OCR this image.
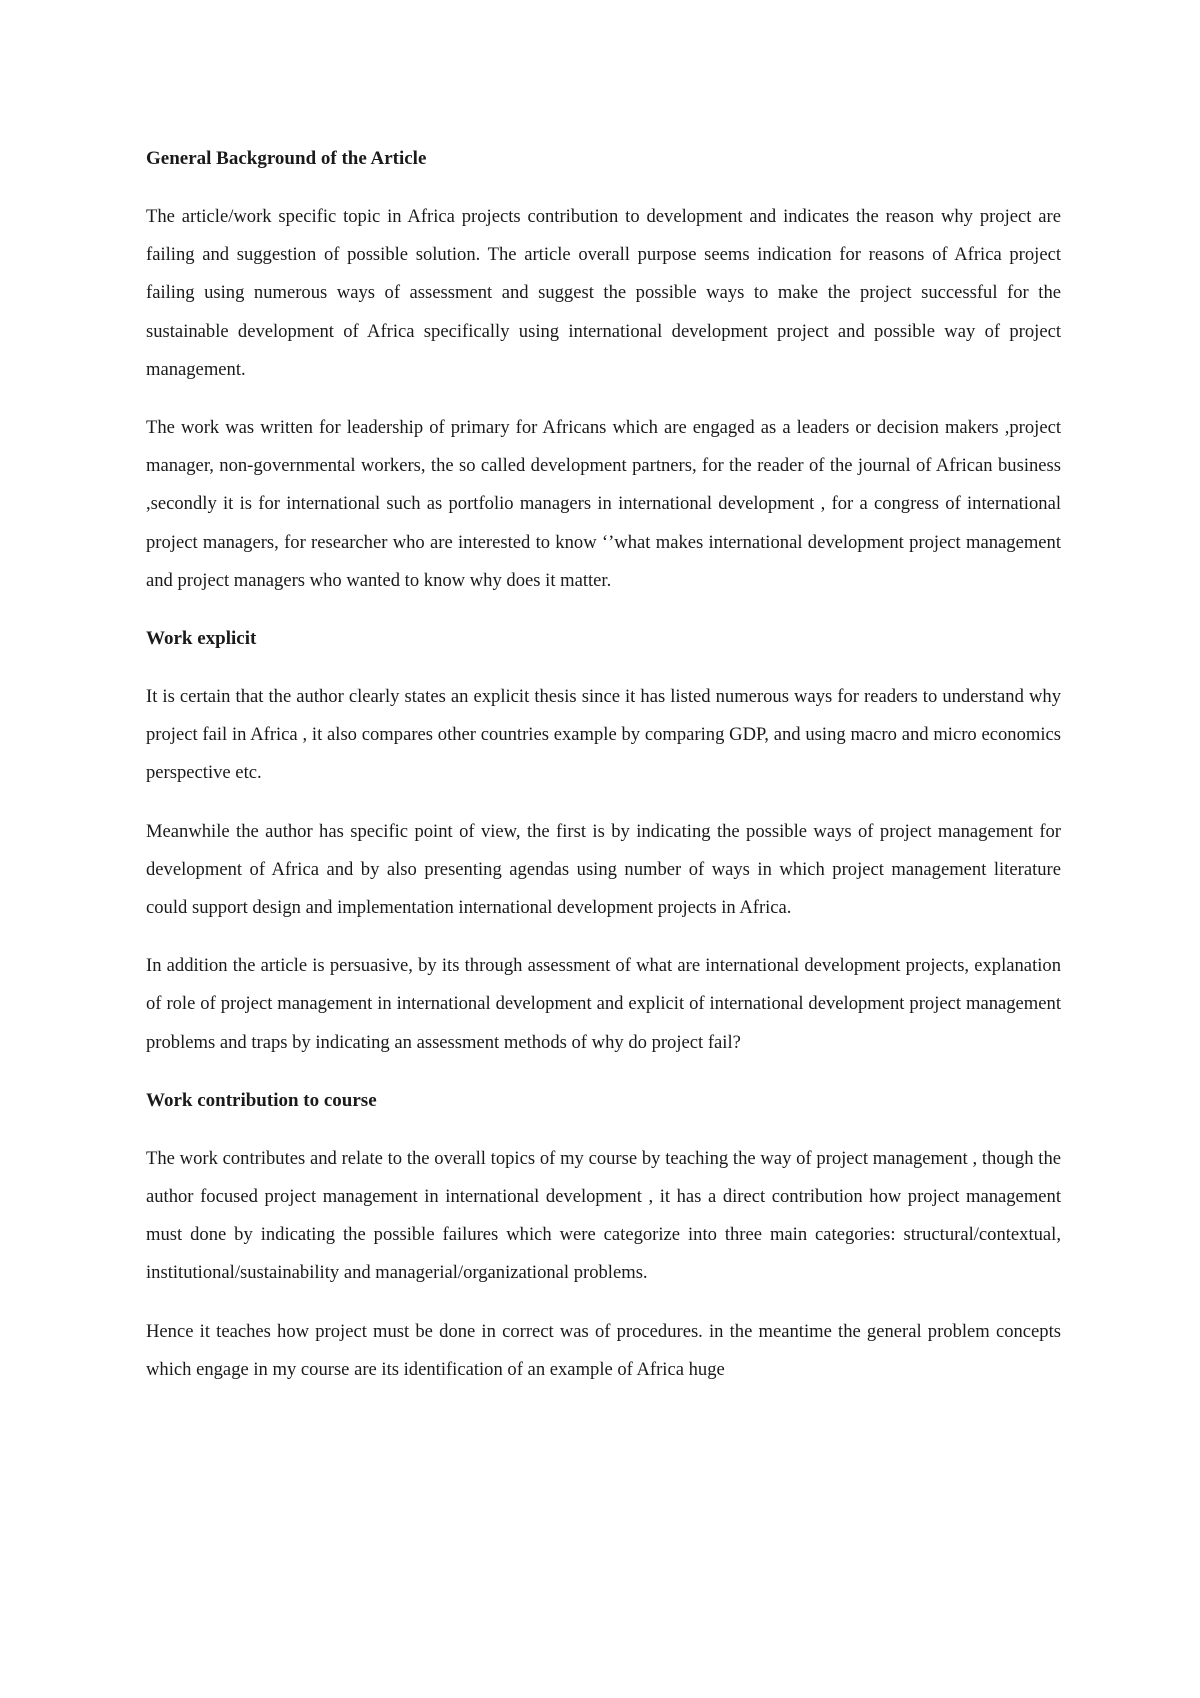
General Background of the Article

The article/work specific topic in Africa projects contribution to development and indicates the reason why project are failing and suggestion of possible solution. The article overall purpose seems indication for reasons of Africa project failing using numerous ways of assessment and suggest the possible ways to make the project successful for the sustainable development of Africa specifically using international development project and possible way of project management.

The work was written for leadership of primary for Africans which are engaged as a leaders or decision makers ,project manager, non-governmental workers, the so called development partners, for the reader of the journal of African business ,secondly it is for international such as portfolio managers in international development , for a congress of international project managers, for researcher who are interested to know ‘’what makes international development project management and project managers who wanted to know why does it matter.

Work explicit

It is certain that the author clearly states an explicit thesis since it has listed numerous ways for readers to understand why project fail in Africa , it also compares other countries example by comparing GDP, and using macro and micro economics perspective etc.

Meanwhile the author has specific point of view, the first is by indicating the possible ways of project management for development of Africa and by also presenting agendas using number of ways in which project management literature could support design and implementation international development projects in Africa.

In addition the article is persuasive, by its through assessment of what are international development projects, explanation of role of project management in international development and explicit of international development project management problems and traps by indicating an assessment methods of why do project fail?

Work contribution to course

The work contributes and relate to the overall topics of my course by teaching the way of project management , though the author focused project management in international development , it has a direct contribution how project management must done by indicating the possible failures which were categorize into three main categories: structural/contextual, institutional/sustainability and managerial/organizational problems.

Hence it teaches how project must be done in correct was of procedures. in the meantime the general problem concepts which engage in my course are its identification of an example of Africa huge
